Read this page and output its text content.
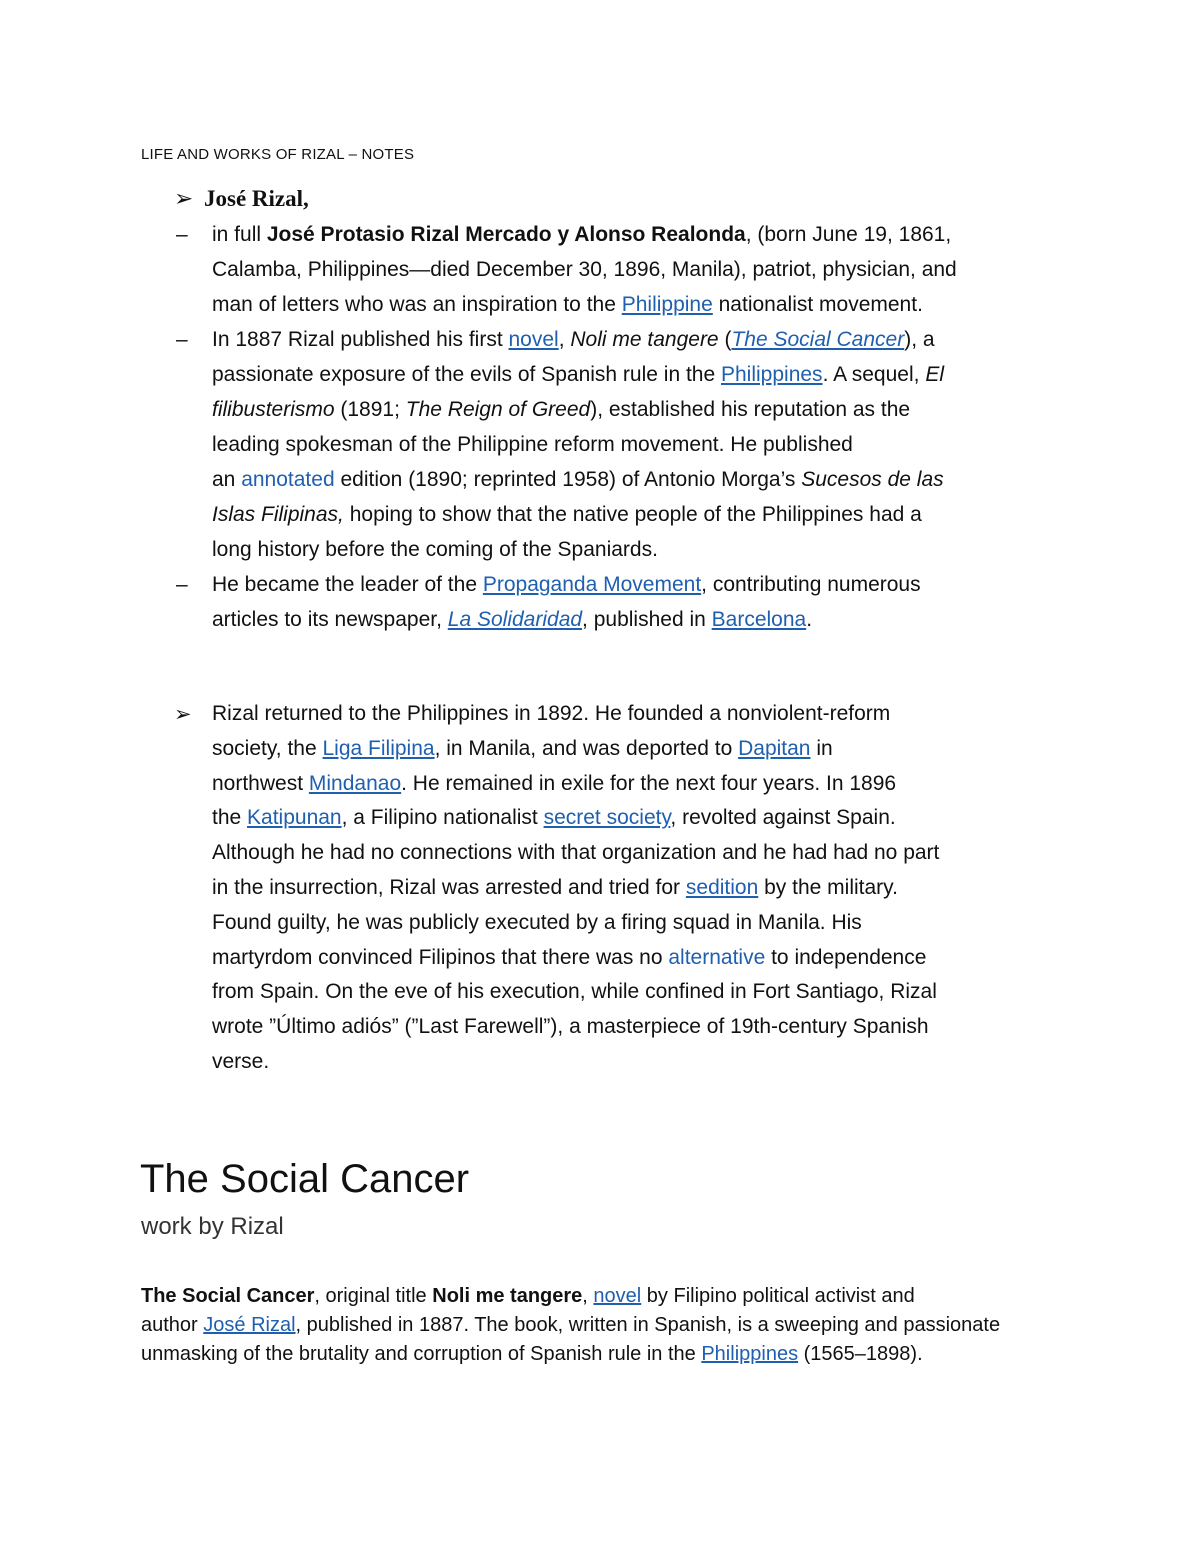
LIFE AND WORKS OF RIZAL – NOTES
➢ José Rizal,
– in full José Protasio Rizal Mercado y Alonso Realonda, (born June 19, 1861,
Calamba, Philippines—died December 30, 1896, Manila), patriot, physician, and
man of letters who was an inspiration to the Philippine nationalist movement.
– In 1887 Rizal published his first novel, Noli me tangere (The Social Cancer), a
passionate exposure of the evils of Spanish rule in the Philippines. A sequel, El
filibusterismo (1891; The Reign of Greed), established his reputation as the
leading spokesman of the Philippine reform movement. He published
an annotated edition (1890; reprinted 1958) of Antonio Morga’s Sucesos de las
Islas Filipinas, hoping to show that the native people of the Philippines had a
long history before the coming of the Spaniards.
– He became the leader of the Propaganda Movement, contributing numerous
articles to its newspaper, La Solidaridad, published in Barcelona.
➢ Rizal returned to the Philippines in 1892. He founded a nonviolent-reform
society, the Liga Filipina, in Manila, and was deported to Dapitan in
northwest Mindanao. He remained in exile for the next four years. In 1896
the Katipunan, a Filipino nationalist secret society, revolted against Spain.
Although he had no connections with that organization and he had had no part
in the insurrection, Rizal was arrested and tried for sedition by the military.
Found guilty, he was publicly executed by a firing squad in Manila. His
martyrdom convinced Filipinos that there was no alternative to independence
from Spain. On the eve of his execution, while confined in Fort Santiago, Rizal
wrote ”Último adiós” (”Last Farewell”), a masterpiece of 19th-century Spanish
verse.
The Social Cancer
work by Rizal
The Social Cancer, original title Noli me tangere, novel by Filipino political activist and
author José Rizal, published in 1887. The book, written in Spanish, is a sweeping and passionate
unmasking of the brutality and corruption of Spanish rule in the Philippines (1565–1898).
